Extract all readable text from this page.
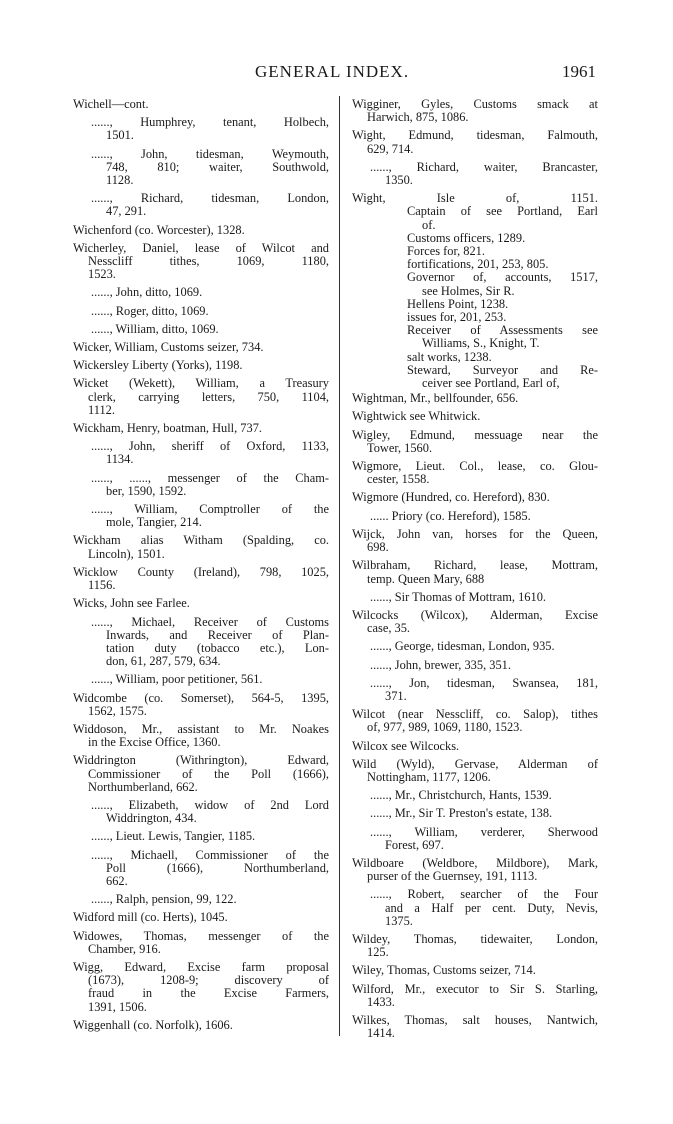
GENERAL INDEX.	1961
Wichell—cont.
......, Humphrey, tenant, Holbech,
1501.
......, John, tidesman, Weymouth,
748, 810; waiter, Southwold,
1128.
......, Richard, tidesman, London,
47, 291.
Wichenford (co. Worcester), 1328.
Wicherley, Daniel, lease of Wilcot and
Nesscliff tithes, 1069, 1180,
1523.
......, John, ditto, 1069.
......, Roger, ditto, 1069.
......, William, ditto, 1069.
Wicker, William, Customs seizer, 734.
Wickersley Liberty (Yorks), 1198.
Wicket (Wekett), William, a Treasury
clerk, carrying letters, 750, 1104,
1112.
Wickham, Henry, boatman, Hull, 737.
......, John, sheriff of Oxford, 1133,
1134.
......, ......, messenger of the Cham-
ber, 1590, 1592.
......, William, Comptroller of the
mole, Tangier, 214.
Wickham alias Witham (Spalding, co.
Lincoln), 1501.
Wicklow County (Ireland), 798, 1025,
1156.
Wicks, John see Farlee.
......, Michael, Receiver of Customs
Inwards, and Receiver of Plan-
tation duty (tobacco etc.), Lon-
don, 61, 287, 579, 634.
......, William, poor petitioner, 561.
Widcombe (co. Somerset), 564-5, 1395,
1562, 1575.
Widdoson, Mr., assistant to Mr. Noakes
in the Excise Office, 1360.
Widdrington (Withrington), Edward,
Commissioner of the Poll (1666),
Northumberland, 662.
......, Elizabeth, widow of 2nd Lord
Widdrington, 434.
......, Lieut. Lewis, Tangier, 1185.
......, Michaell, Commissioner of the
Poll (1666), Northumberland,
662.
......, Ralph, pension, 99, 122.
Widford mill (co. Herts), 1045.
Widowes, Thomas, messenger of the
Chamber, 916.
Wigg, Edward, Excise farm proposal
(1673), 1208-9; discovery of
fraud in the Excise Farmers,
1391, 1506.
Wiggenhall (co. Norfolk), 1606.
Wigginer, Gyles, Customs smack at
Harwich, 875, 1086.
Wight, Edmund, tidesman, Falmouth,
629, 714.
......, Richard, waiter, Brancaster,
1350.
Wight, Isle of, 1151.
Captain of see Portland, Earl
of.
Customs officers, 1289.
Forces for, 821.
fortifications, 201, 253, 805.
Governor of, accounts, 1517,
see Holmes, Sir R.
Hellens Point, 1238.
issues for, 201, 253.
Receiver of Assessments see
Williams, S., Knight, T.
salt works, 1238.
Steward, Surveyor and Re-
ceiver see Portland, Earl of,
Wightman, Mr., bellfounder, 656.
Wightwick see Whitwick.
Wigley, Edmund, messuage near the
Tower, 1560.
Wigmore, Lieut. Col., lease, co. Glou-
cester, 1558.
Wigmore (Hundred, co. Hereford), 830.
...... Priory (co. Hereford), 1585.
Wijck, John van, horses for the Queen,
698.
Wilbraham, Richard, lease, Mottram,
temp. Queen Mary, 688
......, Sir Thomas of Mottram, 1610.
Wilcocks (Wilcox), Alderman, Excise
case, 35.
......, George, tidesman, London, 935.
......, John, brewer, 335, 351.
......, Jon, tidesman, Swansea, 181,
371.
Wilcot (near Nesscliff, co. Salop), tithes
of, 977, 989, 1069, 1180, 1523.
Wilcox see Wilcocks.
Wild (Wyld), Gervase, Alderman of
Nottingham, 1177, 1206.
......, Mr., Christchurch, Hants, 1539.
......, Mr., Sir T. Preston's estate, 138.
......, William, verderer, Sherwood
Forest, 697.
Wildboare (Weldbore, Mildbore), Mark,
purser of the Guernsey, 191, 1113.
......, Robert, searcher of the Four
and a Half per cent. Duty, Nevis,
1375.
Wildey, Thomas, tidewaiter, London,
125.
Wiley, Thomas, Customs seizer, 714.
Wilford, Mr., executor to Sir S. Starling,
1433.
Wilkes, Thomas, salt houses, Nantwich,
1414.
